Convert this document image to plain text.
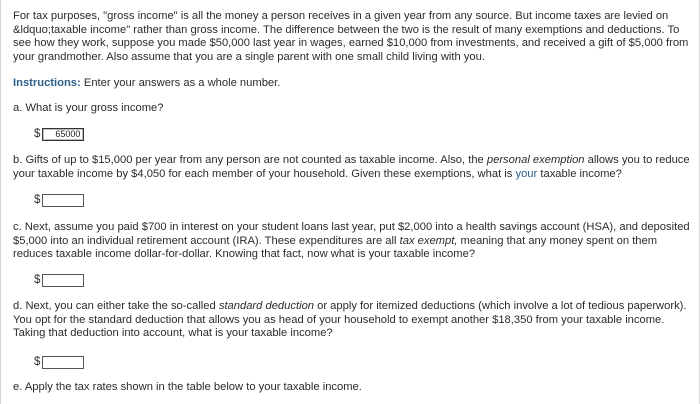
For tax purposes, "gross income" is all the money a person receives in a given year from any source. But income taxes are levied on &ldquo;taxable income" rather than gross income. The difference between the two is the result of many exemptions and deductions. To see how they work, suppose you made $50,000 last year in wages, earned $10,000 from investments, and received a gift of $5,000 from your grandmother. Also assume that you are a single parent with one small child living with you.
Instructions: Enter your answers as a whole number.
a. What is your gross income?
$	65000
b. Gifts of up to $15,000 per year from any person are not counted as taxable income. Also, the personal exemption allows you to reduce your taxable income by $4,050 for each member of your household. Given these exemptions, what is your taxable income?
$
c. Next, assume you paid $700 in interest on your student loans last year, put $2,000 into a health savings account (HSA), and deposited $5,000 into an individual retirement account (IRA). These expenditures are all tax exempt, meaning that any money spent on them reduces taxable income dollar-for-dollar. Knowing that fact, now what is your taxable income?
$
d. Next, you can either take the so-called standard deduction or apply for itemized deductions (which involve a lot of tedious paperwork). You opt for the standard deduction that allows you as head of your household to exempt another $18,350 from your taxable income. Taking that deduction into account, what is your taxable income?
$
e. Apply the tax rates shown in the table below to your taxable income.
